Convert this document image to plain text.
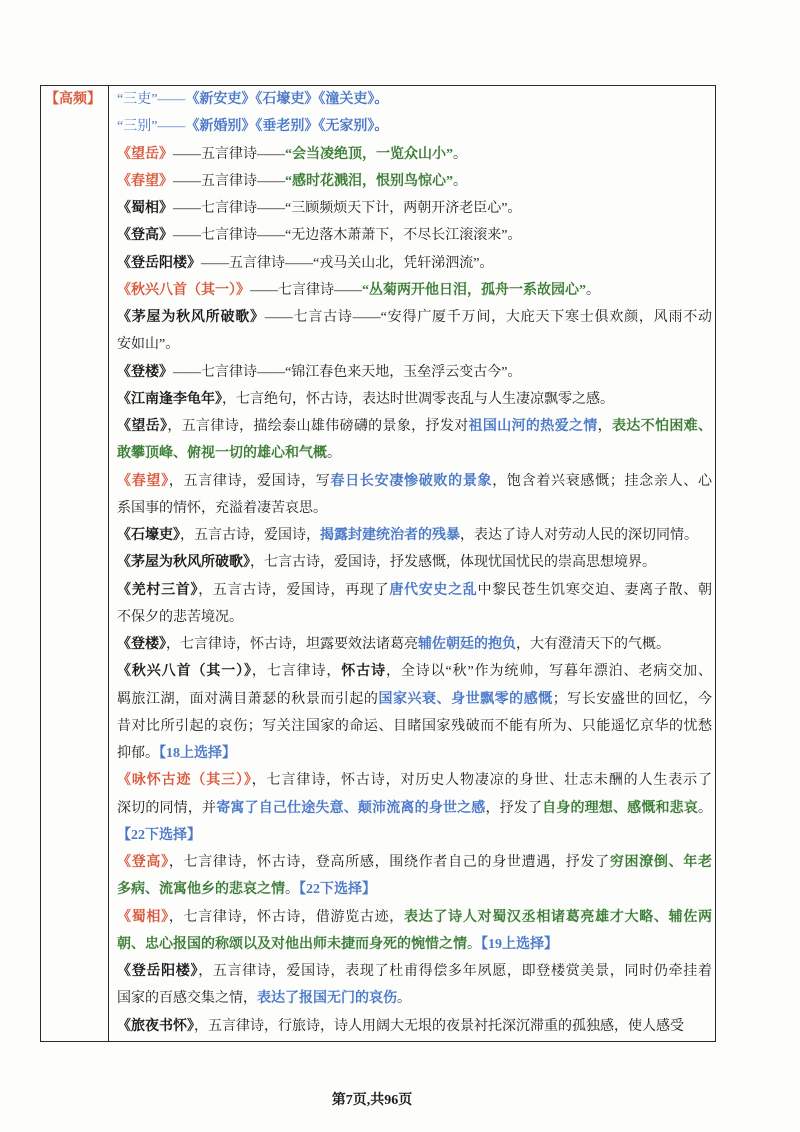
【高频】	“三吏”——《新安吏》《石壕吏》《潼关吏》。
“三别”——《新婚别》《垂老别》《无家别》。
《望岳》——五言律诗——“会当凌绝顶，一览众山小”。
《春望》——五言律诗——“感时花溅泪，恨别鸟惊心”。
《蜀相》——七言律诗——“三顾频烦天下计，两朝开济老臣心”。
《登高》——七言律诗——“无边落木萧萧下，不尽长江滚滚来”。
《登岳阳楼》——五言律诗——“戎马关山北，凭轩涕泗流”。
《秋兴八首（其一）》——七言律诗——“丛菊两开他日泪，孤舟一系故园心”。
《茅屋为秋风所破歌》——七言古诗——“安得广厦千万间，大庇天下寒士俱欢颜，风雨不动
安如山”。
《登楼》——七言律诗——“锦江春色来天地，玉垒浮云变古今”。
《江南逢李龟年》，七言绝句，怀古诗，表达时世凋零丧乱与人生凄凉飘零之感。
《望岳》，五言律诗，描绘泰山雄伟磅礴的景象，抒发对祖国山河的热爱之情，表达不怕困难、
敢攀顶峰、俯视一切的雄心和气概。
《春望》，五言律诗，爱国诗，写春日长安凄惨破败的景象，饱含着兴衰感慨；挂念亲人、心
系国事的情怀，充溢着凄苦哀思。
《石壕吏》，五言古诗，爱国诗，揭露封建统治者的残暴，表达了诗人对劳动人民的深切同情。
《茅屋为秋风所破歌》，七言古诗，爱国诗，抒发感慨，体现忧国忧民的崇高思想境界。
《羌村三首》，五言古诗，爱国诗，再现了唐代安史之乱中黎民苍生饥寒交迫、妻离子散、朝
不保夕的悲苦境况。
《登楼》，七言律诗，怀古诗，坦露要效法诸葛亮辅佐朝廷的抱负，大有澄清天下的气概。
《秋兴八首（其一）》，七言律诗，怀古诗，全诗以“秋”作为统帅，写暮年漂泊、老病交加、
羁旅江湖，面对满目萧瑟的秋景而引起的国家兴衰、身世飘零的感慨；写长安盛世的回忆，今
昔对比所引起的哀伤；写关注国家的命运、目睹国家残破而不能有所为、只能遥忆京华的忧愁
抑郁。【18上选择】
《咏怀古迹（其三）》，七言律诗，怀古诗，对历史人物凄凉的身世、壮志未酬的人生表示了
深切的同情，并寄寓了自己仕途失意、颠沛流离的身世之感，抒发了自身的理想、感慨和悲哀。
【22下选择】
《登高》，七言律诗，怀古诗，登高所感，围绕作者自己的身世遭遇，抒发了穷困潦倒、年老
多病、流寓他乡的悲哀之情。【22下选择】
《蜀相》，七言律诗，怀古诗，借游览古迹，表达了诗人对蜀汉丞相诸葛亮雄才大略、辅佐两
朝、忠心报国的称颂以及对他出师未捷而身死的惋惜之情。【19上选择】
《登岳阳楼》，五言律诗，爱国诗，表现了杜甫得偿多年夙愿，即登楼赏美景，同时仍牵挂着
国家的百感交集之情，表达了报国无门的哀伤。
《旅夜书怀》，五言律诗，行旅诗，诗人用阔大无垠的夜景衬托深沉滞重的孤独感，使人感受
第7页,共96页
